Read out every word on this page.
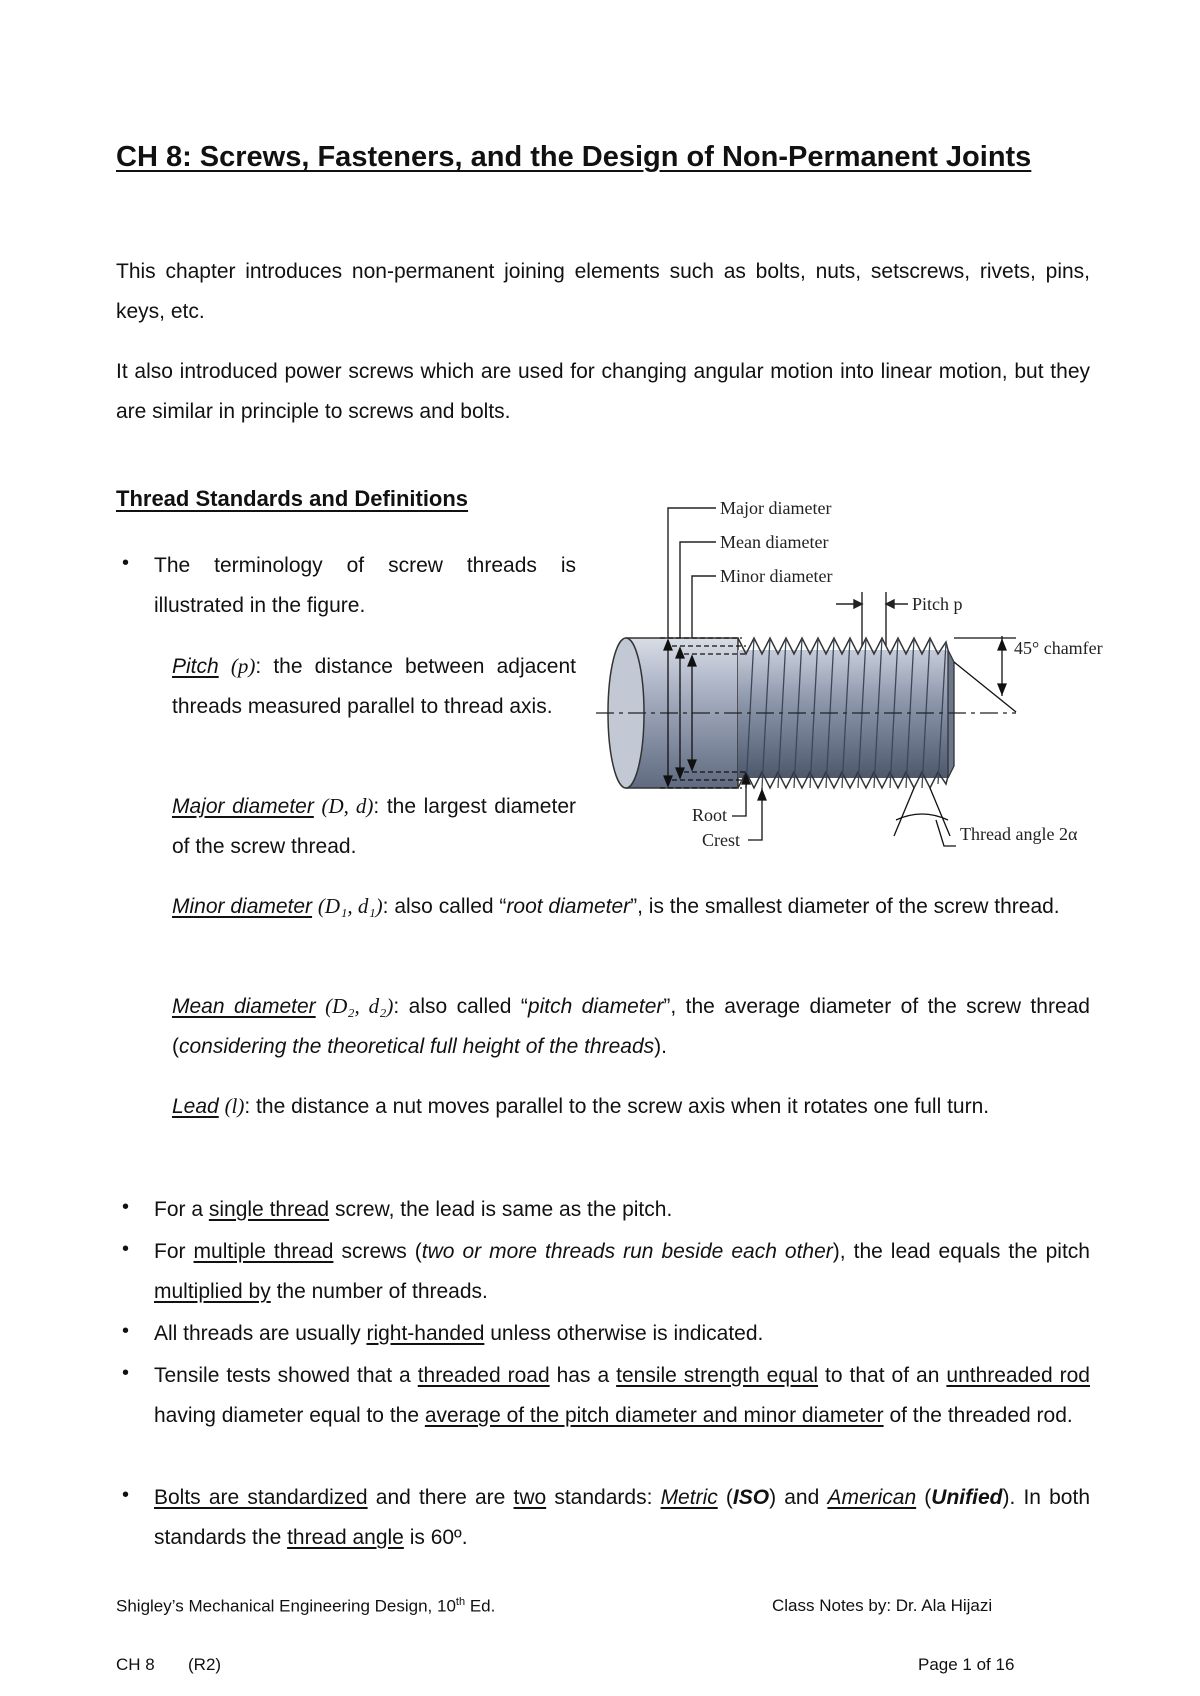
CH 8: Screws, Fasteners, and the Design of Non-Permanent Joints

This chapter introduces non-permanent joining elements such as bolts, nuts, setscrews, rivets, pins, keys, etc.

It also introduced power screws which are used for changing angular motion into linear motion, but they are similar in principle to screws and bolts.

Thread Standards and Definitions
• The terminology of screw threads is illustrated in the figure.

Pitch (p): the distance between adjacent threads measured parallel to thread axis.

Major diameter (D, d): the largest diameter of the screw thread.

Minor diameter (D₁, d₁): also called “root diameter”, is the smallest diameter of the screw thread.

Mean diameter (D₂, d₂): also called “pitch diameter”, the average diameter of the screw thread (considering the theoretical full height of the threads).

Lead (l): the distance a nut moves parallel to the screw axis when it rotates one full turn.

• For a single thread screw, the lead is same as the pitch.

• For multiple thread screws (two or more threads run beside each other), the lead equals the pitch multiplied by the number of threads.

• All threads are usually right-handed unless otherwise is indicated.

• Tensile tests showed that a threaded road has a tensile strength equal to that of an unthreaded rod having diameter equal to the average of the pitch diameter and minor diameter of the threaded rod.

• Bolts are standardized and there are two standards: Metric (ISO) and American (Unified). In both standards the thread angle is 60º.

Major diameter
Mean diameter
Minor diameter
Pitch p
45° chamfer
Root
Crest	Thread angle 2α

Shigley’s Mechanical Engineering Design, 10th Ed.	Class Notes by: Dr. Ala Hijazi

CH 8 (R2)	Page 1 of 16
